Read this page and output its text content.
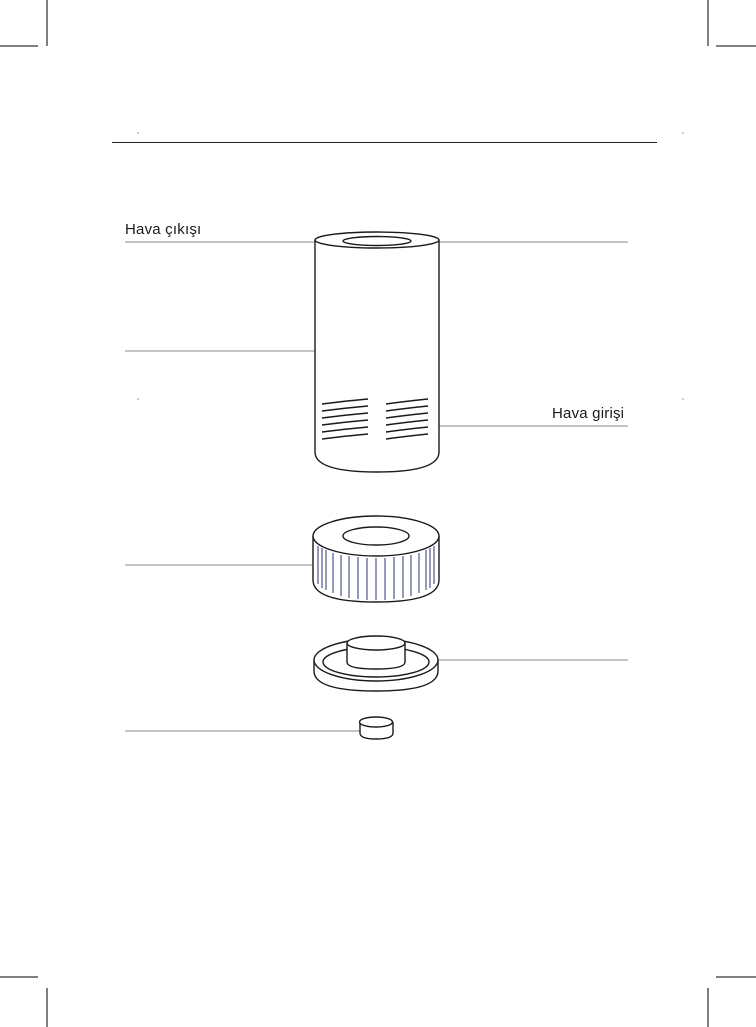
Hava çıkışı
Hava girişi
